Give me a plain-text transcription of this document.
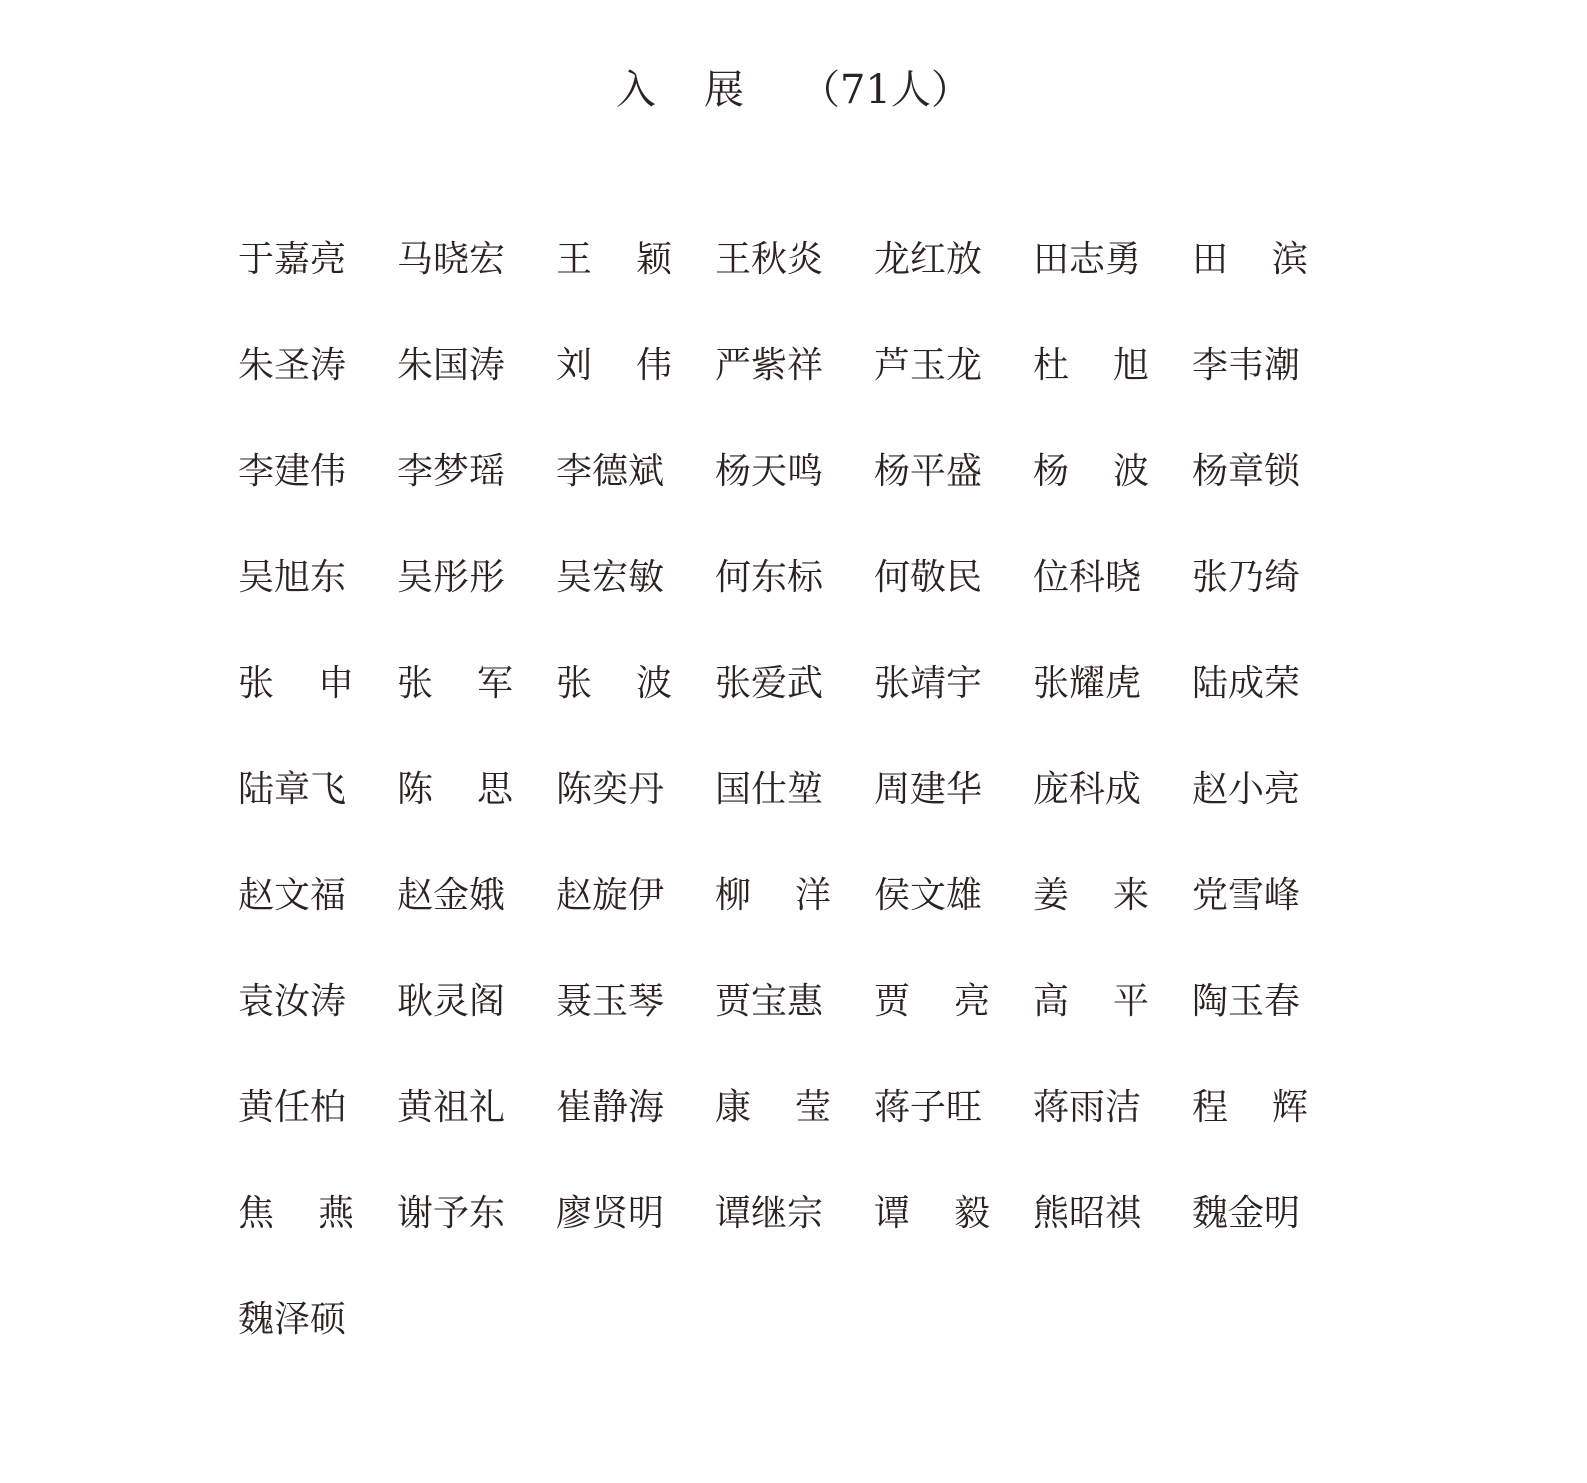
入 展 （71人）
于嘉亮 马晓宏 王 颖 王秋炎 龙红放 田志勇 田 滨
朱圣涛 朱国涛 刘 伟 严紫祥 芦玉龙 杜 旭 李韦潮
李建伟 李梦瑶 李德斌 杨天鸣 杨平盛 杨 波 杨章锁
吴旭东 吴彤彤 吴宏敏 何东标 何敬民 位科晓 张乃绮
张 申 张 军 张 波 张爱武 张靖宇 张耀虎 陆成荣
陆章飞 陈 思 陈奕丹 国仕堃 周建华 庞科成 赵小亮
赵文福 赵金娥 赵旋伊 柳 洋 侯文雄 姜 来 党雪峰
袁汝涛 耿灵阁 聂玉琴 贾宝惠 贾 亮 高 平 陶玉春
黄任柏 黄祖礼 崔静海 康 莹 蒋子旺 蒋雨洁 程 辉
焦 燕 谢予东 廖贤明 谭继宗 谭 毅 熊昭祺 魏金明
魏泽硕
